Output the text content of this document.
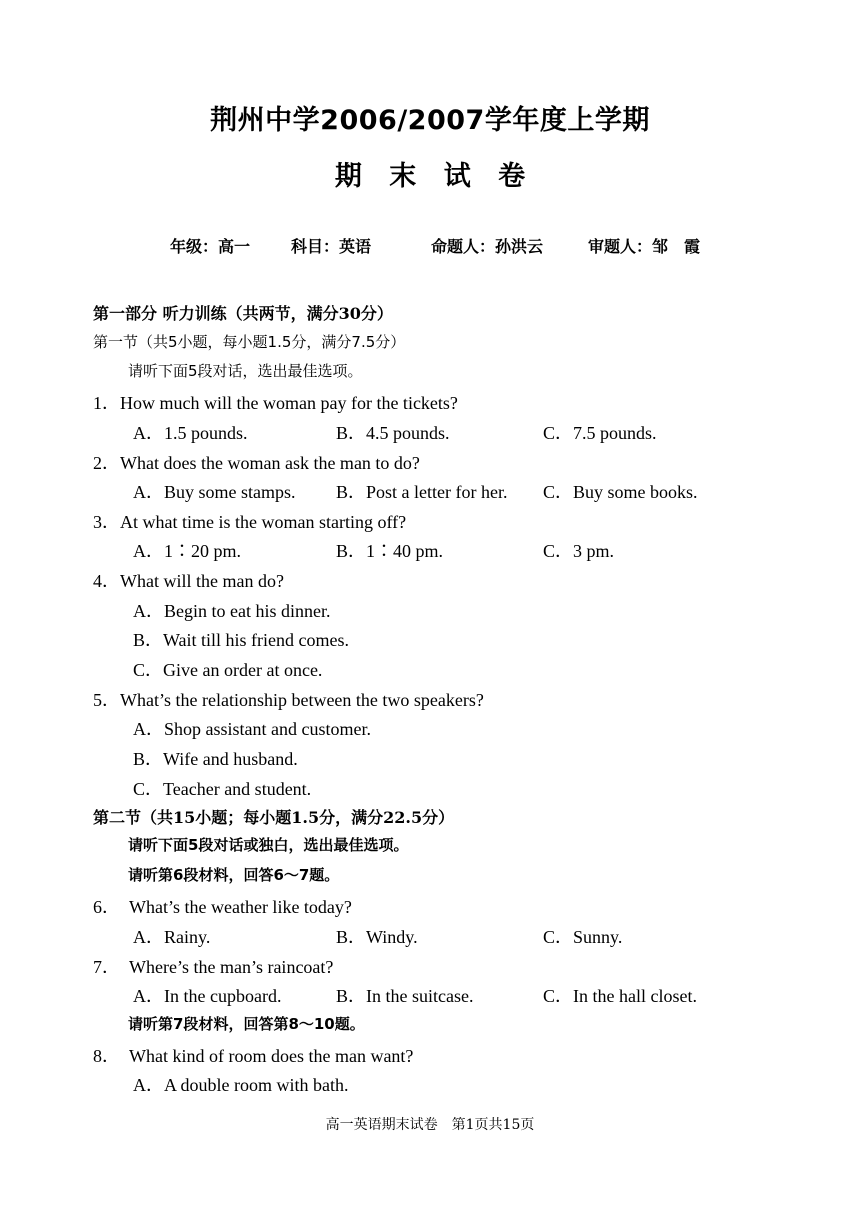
荆州中学2006/2007学年度上学期
期 末 试 卷
年级：高一	科目：英语	命题人：孙洪云	审题人：邹　霞
第一部分 听力训练（共两节，满分30分）
第一节（共5小题，每小题1.5分，满分7.5分）
请听下面5段对话，选出最佳选项。
1．How much will the woman pay for the tickets?
A．1.5 pounds.	B．4.5 pounds.	C．7.5 pounds.
2．What does the woman ask the man to do?
A．Buy some stamps. B．Post a letter for her. C．Buy some books.
3．At what time is the woman starting off?
A．1∶20 pm.	B．1∶40 pm.	C．3 pm.
4．What will the man do?
A．Begin to eat his dinner.
B．Wait till his friend comes.
C．Give an order at once.
5．What’s the relationship between the two speakers?
A．Shop assistant and customer.
B．Wife and husband.
C．Teacher and student.
第二节（共15小题；每小题1.5分，满分22.5分）
请听下面5段对话或独白，选出最佳选项。
请听第6段材料，回答6～7题。
6．　What’s the weather like today?
A．Rainy.	B．Windy.	C．Sunny.
7．　Where’s the man’s raincoat?
A．In the cupboard.	B．In the suitcase.	C．In the hall closet.
请听第7段材料，回答第8～10题。
8．　What kind of room does the man want?
A．A double room with bath.
高一英语期末试卷　第1页共15页
